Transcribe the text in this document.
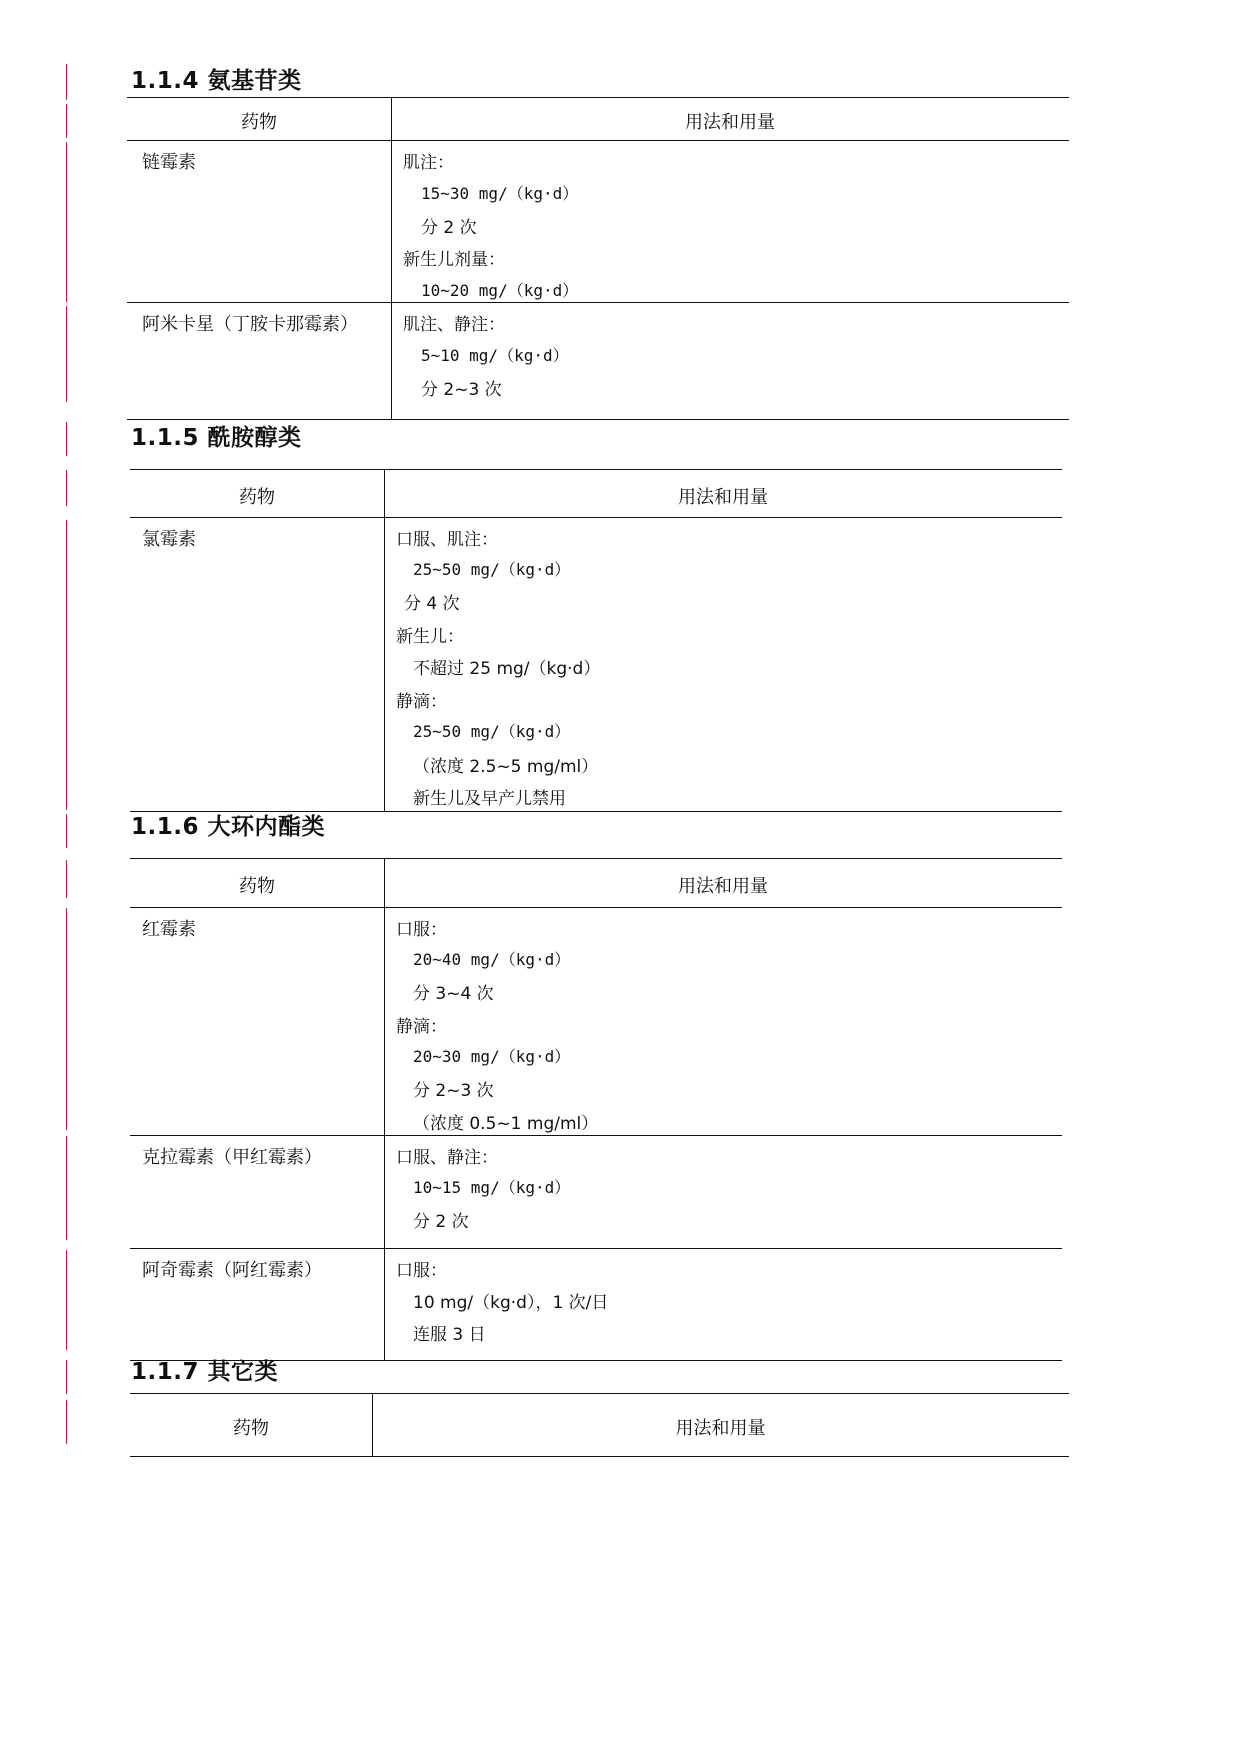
1.1.4 氨基苷类
药物	用法和用量
链霉素	肌注：
15~30 mg/（kg·d）
分 2 次
新生儿剂量：
10~20 mg/（kg·d）
阿米卡星（丁胺卡那霉素）	肌注、静注：
5~10 mg/（kg·d）
分 2~3 次
1.1.5 酰胺醇类
药物	用法和用量
氯霉素	口服、肌注：
25~50 mg/（kg·d）
分 4 次
新生儿：
不超过 25 mg/（kg·d）
静滴：
25~50 mg/（kg·d）
（浓度 2.5~5 mg/ml）
新生儿及早产儿禁用
1.1.6 大环内酯类
药物	用法和用量
红霉素	口服：
20~40 mg/（kg·d）
分 3~4 次
静滴：
20~30 mg/（kg·d）
分 2~3 次
（浓度 0.5~1 mg/ml）
克拉霉素（甲红霉素）	口服、静注：
10~15 mg/（kg·d）
分 2 次
阿奇霉素（阿红霉素）	口服：
10 mg/（kg·d），1 次/日
连服 3 日
1.1.7 其它类
药物	用法和用量
